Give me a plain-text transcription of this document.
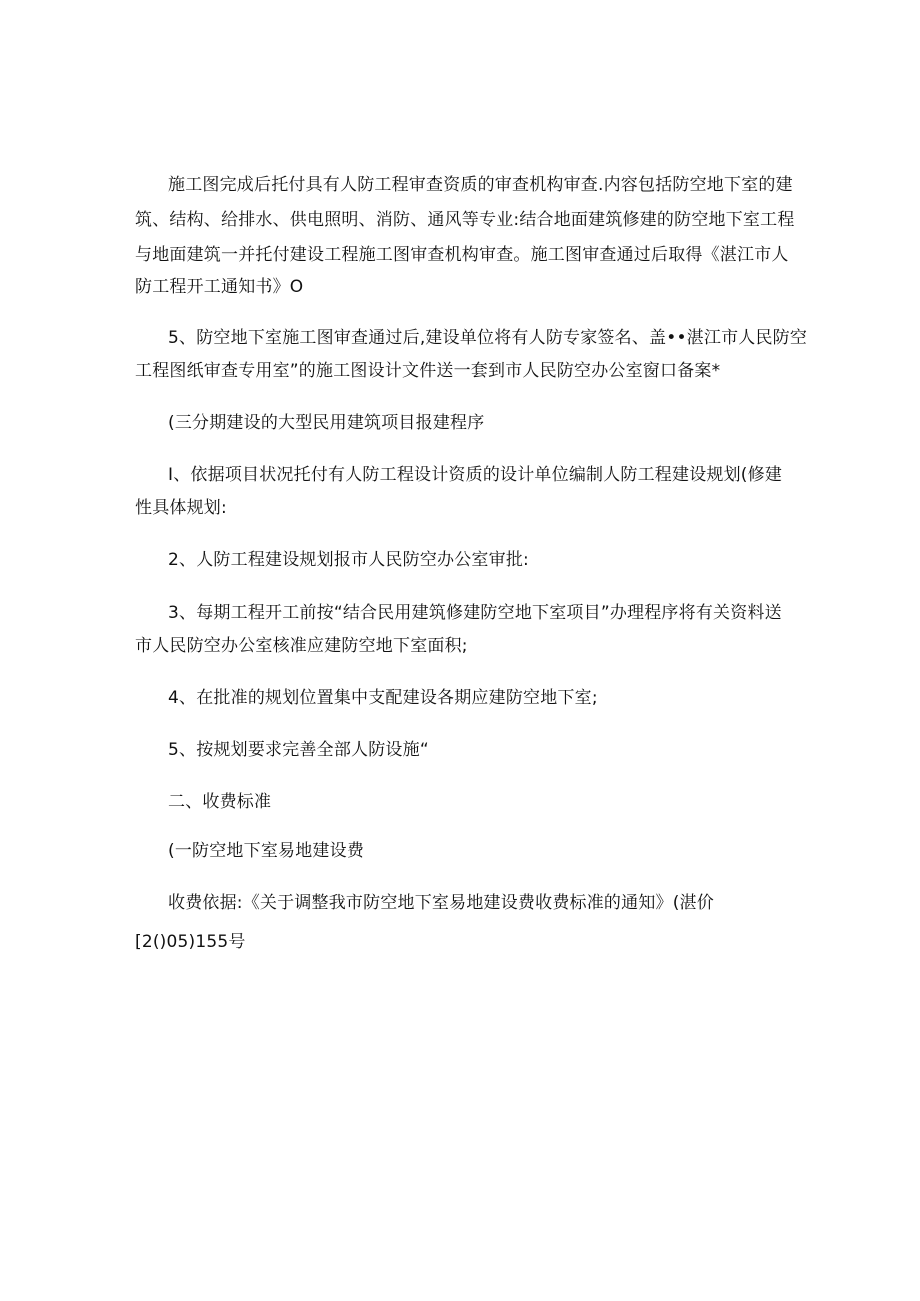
施工图完成后托付具有人防工程审查资质的审查机构审查.内容包括防空地下室的建
筑、结构、给排水、供电照明、消防、通风等专业:结合地面建筑修建的防空地下室工程
与地面建筑一并托付建设工程施工图审查机构审查。施工图审查通过后取得《湛江市人
防工程开工通知书》O
5、防空地下室施工图审查通过后,建设单位将有人防专家签名、盖••湛江市人民防空
工程图纸审查专用室”的施工图设计文件送一套到市人民防空办公室窗口备案*
(三分期建设的大型民用建筑项目报建程序
I、依据项目状况托付有人防工程设计资质的设计单位编制人防工程建设规划(修建
性具体规划:
2、人防工程建设规划报市人民防空办公室审批:
3、每期工程开工前按“结合民用建筑修建防空地下室项目”办理程序将有关资料送
市人民防空办公室核准应建防空地下室面积;
4、在批准的规划位置集中支配建设各期应建防空地下室;
5、按规划要求完善全部人防设施“
二、收费标准
(一防空地下室易地建设费
收费依据:《关于调整我市防空地下室易地建设费收费标准的通知》(湛价
[2()05)155号
